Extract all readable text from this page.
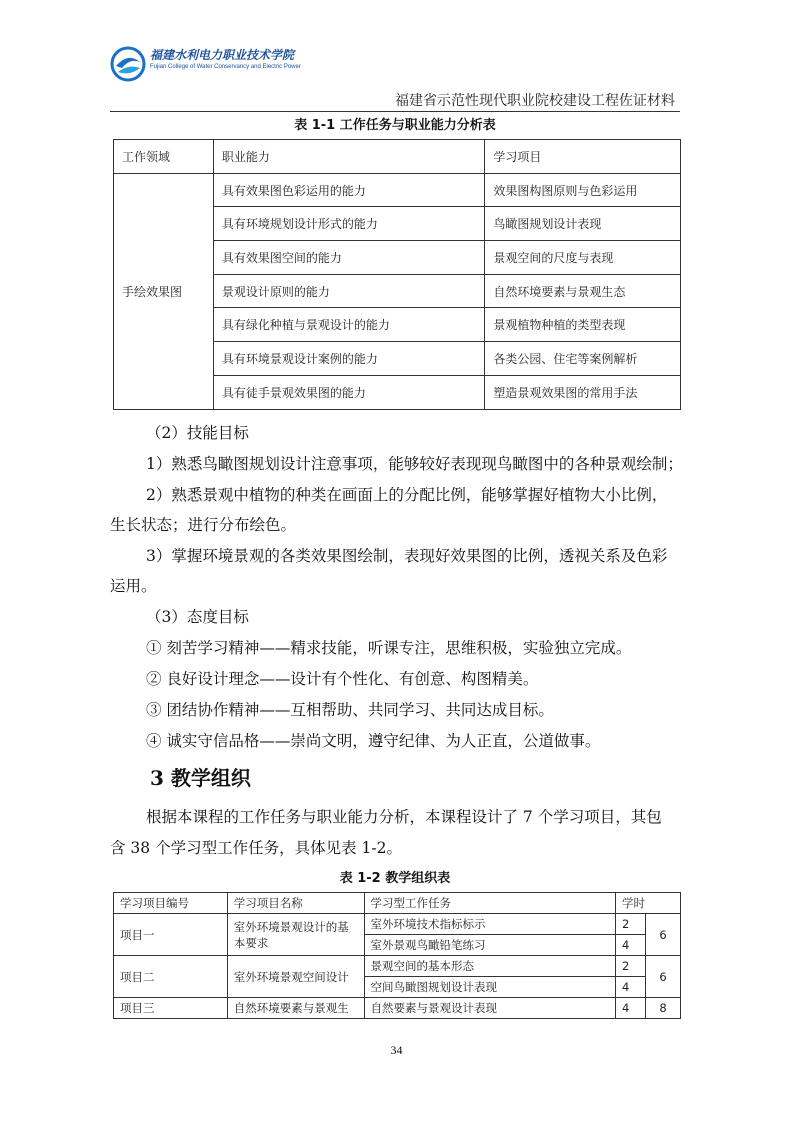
福建水利电力职业技术学院
Fujian College of Water Conservancy and Electric Power
福建省示范性现代职业院校建设工程佐证材料
表 1-1 工作任务与职业能力分析表
工作领域	职业能力	学习项目
手绘效果图	具有效果图色彩运用的能力	效果图构图原则与色彩运用
	具有环境规划设计形式的能力	鸟瞰图规划设计表现
	具有效果图空间的能力	景观空间的尺度与表现
	景观设计原则的能力	自然环境要素与景观生态
	具有绿化种植与景观设计的能力	景观植物种植的类型表现
	具有环境景观设计案例的能力	各类公园、住宅等案例解析
	具有徒手景观效果图的能力	塑造景观效果图的常用手法
（2）技能目标
1）熟悉鸟瞰图规划设计注意事项，能够较好表现现鸟瞰图中的各种景观绘制；
2）熟悉景观中植物的种类在画面上的分配比例，能够掌握好植物大小比例，
生长状态；进行分布绘色。
3）掌握环境景观的各类效果图绘制，表现好效果图的比例，透视关系及色彩
运用。
（3）态度目标
① 刻苦学习精神——精求技能，听课专注，思维积极，实验独立完成。
② 良好设计理念——设计有个性化、有创意、构图精美。
③ 团结协作精神——互相帮助、共同学习、共同达成目标。
④ 诚实守信品格——崇尚文明，遵守纪律、为人正直，公道做事。
3 教学组织
根据本课程的工作任务与职业能力分析，本课程设计了 7 个学习项目，其包
含 38 个学习型工作任务，具体见表 1-2。
表 1-2 教学组织表
学习项目编号	学习项目名称	学习型工作任务	学时	
项目一	室外环境景观设计的基本要求	室外环境技术指标标示	2	6
		室外景观鸟瞰铅笔练习	4	
项目二	室外环境景观空间设计	景观空间的基本形态	2	6
		空间鸟瞰图规划设计表现	4	
项目三	自然环境要素与景观生	自然要素与景观设计表现	4	8
34
